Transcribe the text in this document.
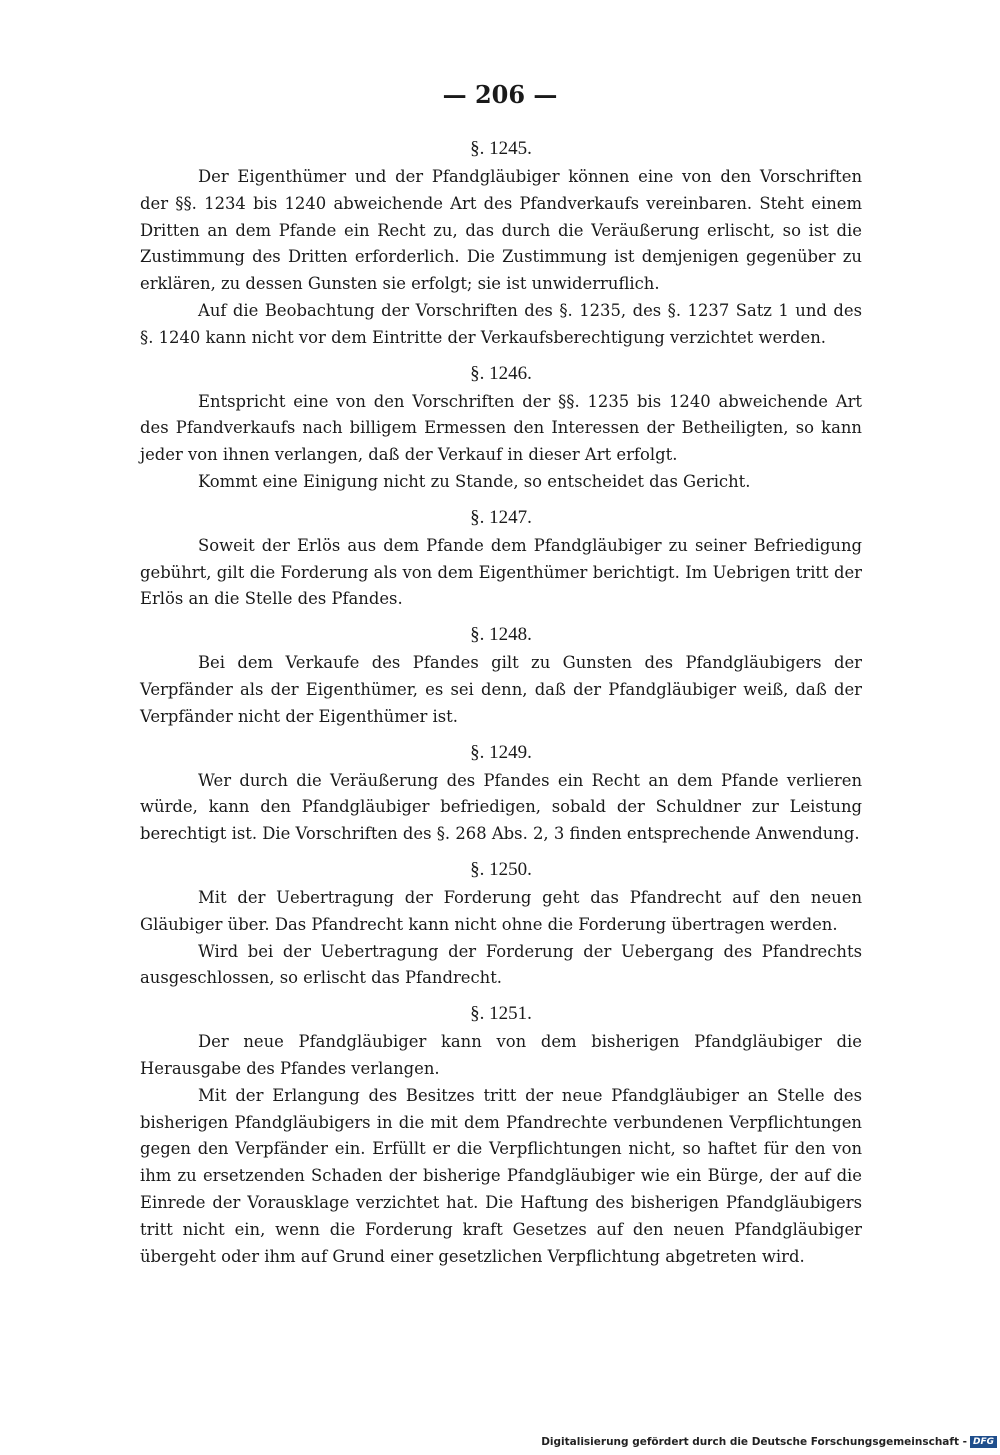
— 206 —
§. 1245.

Der Eigenthümer und der Pfandgläubiger können eine von den Vorschriften der §§. 1234 bis 1240 abweichende Art des Pfandverkaufs vereinbaren. Steht einem Dritten an dem Pfande ein Recht zu, das durch die Veräußerung erlischt, so ist die Zustimmung des Dritten erforderlich. Die Zustimmung ist demjenigen gegenüber zu erklären, zu dessen Gunsten sie erfolgt; sie ist unwiderruflich.

Auf die Beobachtung der Vorschriften des §. 1235, des §. 1237 Satz 1 und des §. 1240 kann nicht vor dem Eintritte der Verkaufsberechtigung verzichtet werden.

§. 1246.

Entspricht eine von den Vorschriften der §§. 1235 bis 1240 abweichende Art des Pfandverkaufs nach billigem Ermessen den Interessen der Betheiligten, so kann jeder von ihnen verlangen, daß der Verkauf in dieser Art erfolgt.

Kommt eine Einigung nicht zu Stande, so entscheidet das Gericht.

§. 1247.

Soweit der Erlös aus dem Pfande dem Pfandgläubiger zu seiner Befriedigung gebührt, gilt die Forderung als von dem Eigenthümer berichtigt. Im Uebrigen tritt der Erlös an die Stelle des Pfandes.

§. 1248.

Bei dem Verkaufe des Pfandes gilt zu Gunsten des Pfandgläubigers der Verpfänder als der Eigenthümer, es sei denn, daß der Pfandgläubiger weiß, daß der Verpfänder nicht der Eigenthümer ist.

§. 1249.

Wer durch die Veräußerung des Pfandes ein Recht an dem Pfande verlieren würde, kann den Pfandgläubiger befriedigen, sobald der Schuldner zur Leistung berechtigt ist. Die Vorschriften des §. 268 Abs. 2, 3 finden entsprechende Anwendung.

§. 1250.

Mit der Uebertragung der Forderung geht das Pfandrecht auf den neuen Gläubiger über. Das Pfandrecht kann nicht ohne die Forderung übertragen werden.

Wird bei der Uebertragung der Forderung der Uebergang des Pfandrechts ausgeschlossen, so erlischt das Pfandrecht.

§. 1251.

Der neue Pfandgläubiger kann von dem bisherigen Pfandgläubiger die Herausgabe des Pfandes verlangen.

Mit der Erlangung des Besitzes tritt der neue Pfandgläubiger an Stelle des bisherigen Pfandgläubigers in die mit dem Pfandrechte verbundenen Verpflichtungen gegen den Verpfänder ein. Erfüllt er die Verpflichtungen nicht, so haftet für den von ihm zu ersetzenden Schaden der bisherige Pfandgläubiger wie ein Bürge, der auf die Einrede der Vorausklage verzichtet hat. Die Haftung des bisherigen Pfandgläubigers tritt nicht ein, wenn die Forderung kraft Gesetzes auf den neuen Pfandgläubiger übergeht oder ihm auf Grund einer gesetzlichen Verpflichtung abgetreten wird.

Digitalisierung gefördert durch die Deutsche Forschungsgemeinschaft - DFG
